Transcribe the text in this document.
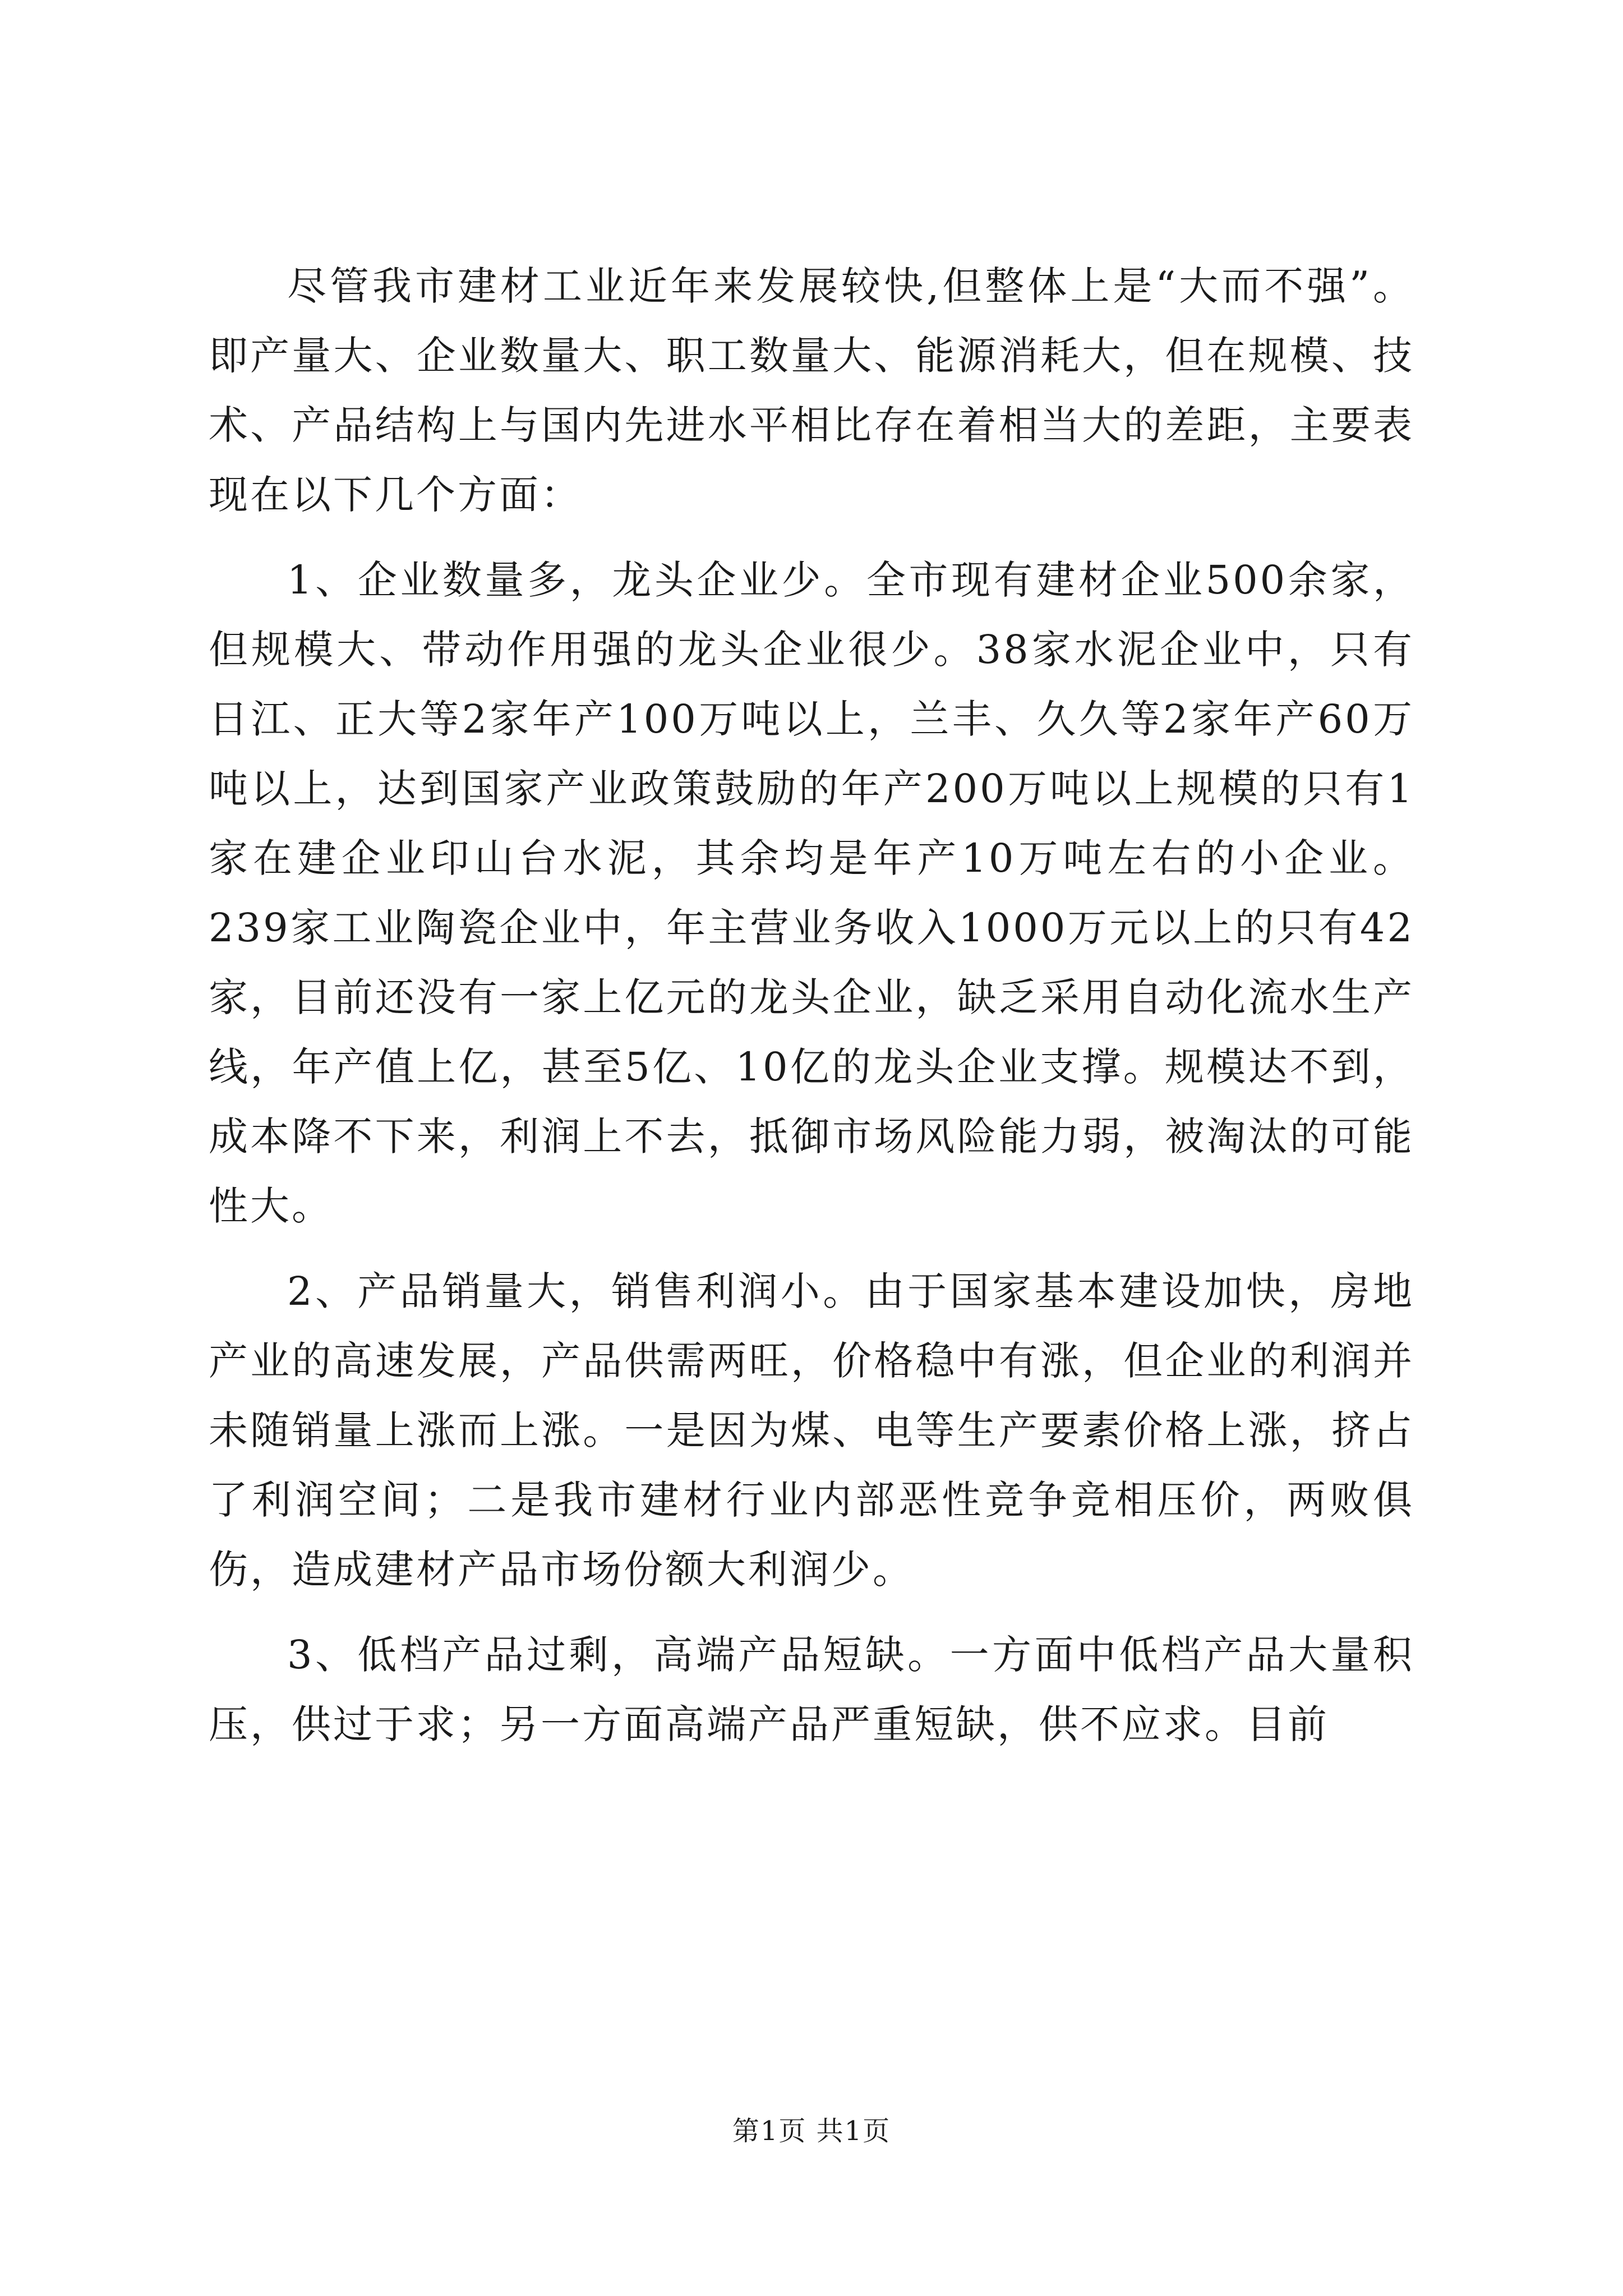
尽管我市建材工业近年来发展较快,但整体上是“大而不强”。即产量大、企业数量大、职工数量大、能源消耗大，但在规模、技术、产品结构上与国内先进水平相比存在着相当大的差距，主要表现在以下几个方面：

1、企业数量多，龙头企业少。全市现有建材企业500余家，但规模大、带动作用强的龙头企业很少。38家水泥企业中，只有日江、正大等2家年产100万吨以上，兰丰、久久等2家年产60万吨以上，达到国家产业政策鼓励的年产200万吨以上规模的只有1家在建企业印山台水泥，其余均是年产10万吨左右的小企业。239家工业陶瓷企业中，年主营业务收入1000万元以上的只有42家，目前还没有一家上亿元的龙头企业，缺乏采用自动化流水生产线，年产值上亿，甚至5亿、10亿的龙头企业支撑。规模达不到，成本降不下来，利润上不去，抵御市场风险能力弱，被淘汰的可能性大。

2、产品销量大，销售利润小。由于国家基本建设加快，房地产业的高速发展，产品供需两旺，价格稳中有涨，但企业的利润并未随销量上涨而上涨。一是因为煤、电等生产要素价格上涨，挤占了利润空间；二是我市建材行业内部恶性竞争竞相压价，两败俱伤，造成建材产品市场份额大利润少。

3、低档产品过剩，高端产品短缺。一方面中低档产品大量积压，供过于求；另一方面高端产品严重短缺，供不应求。目前

第1页 共1页
